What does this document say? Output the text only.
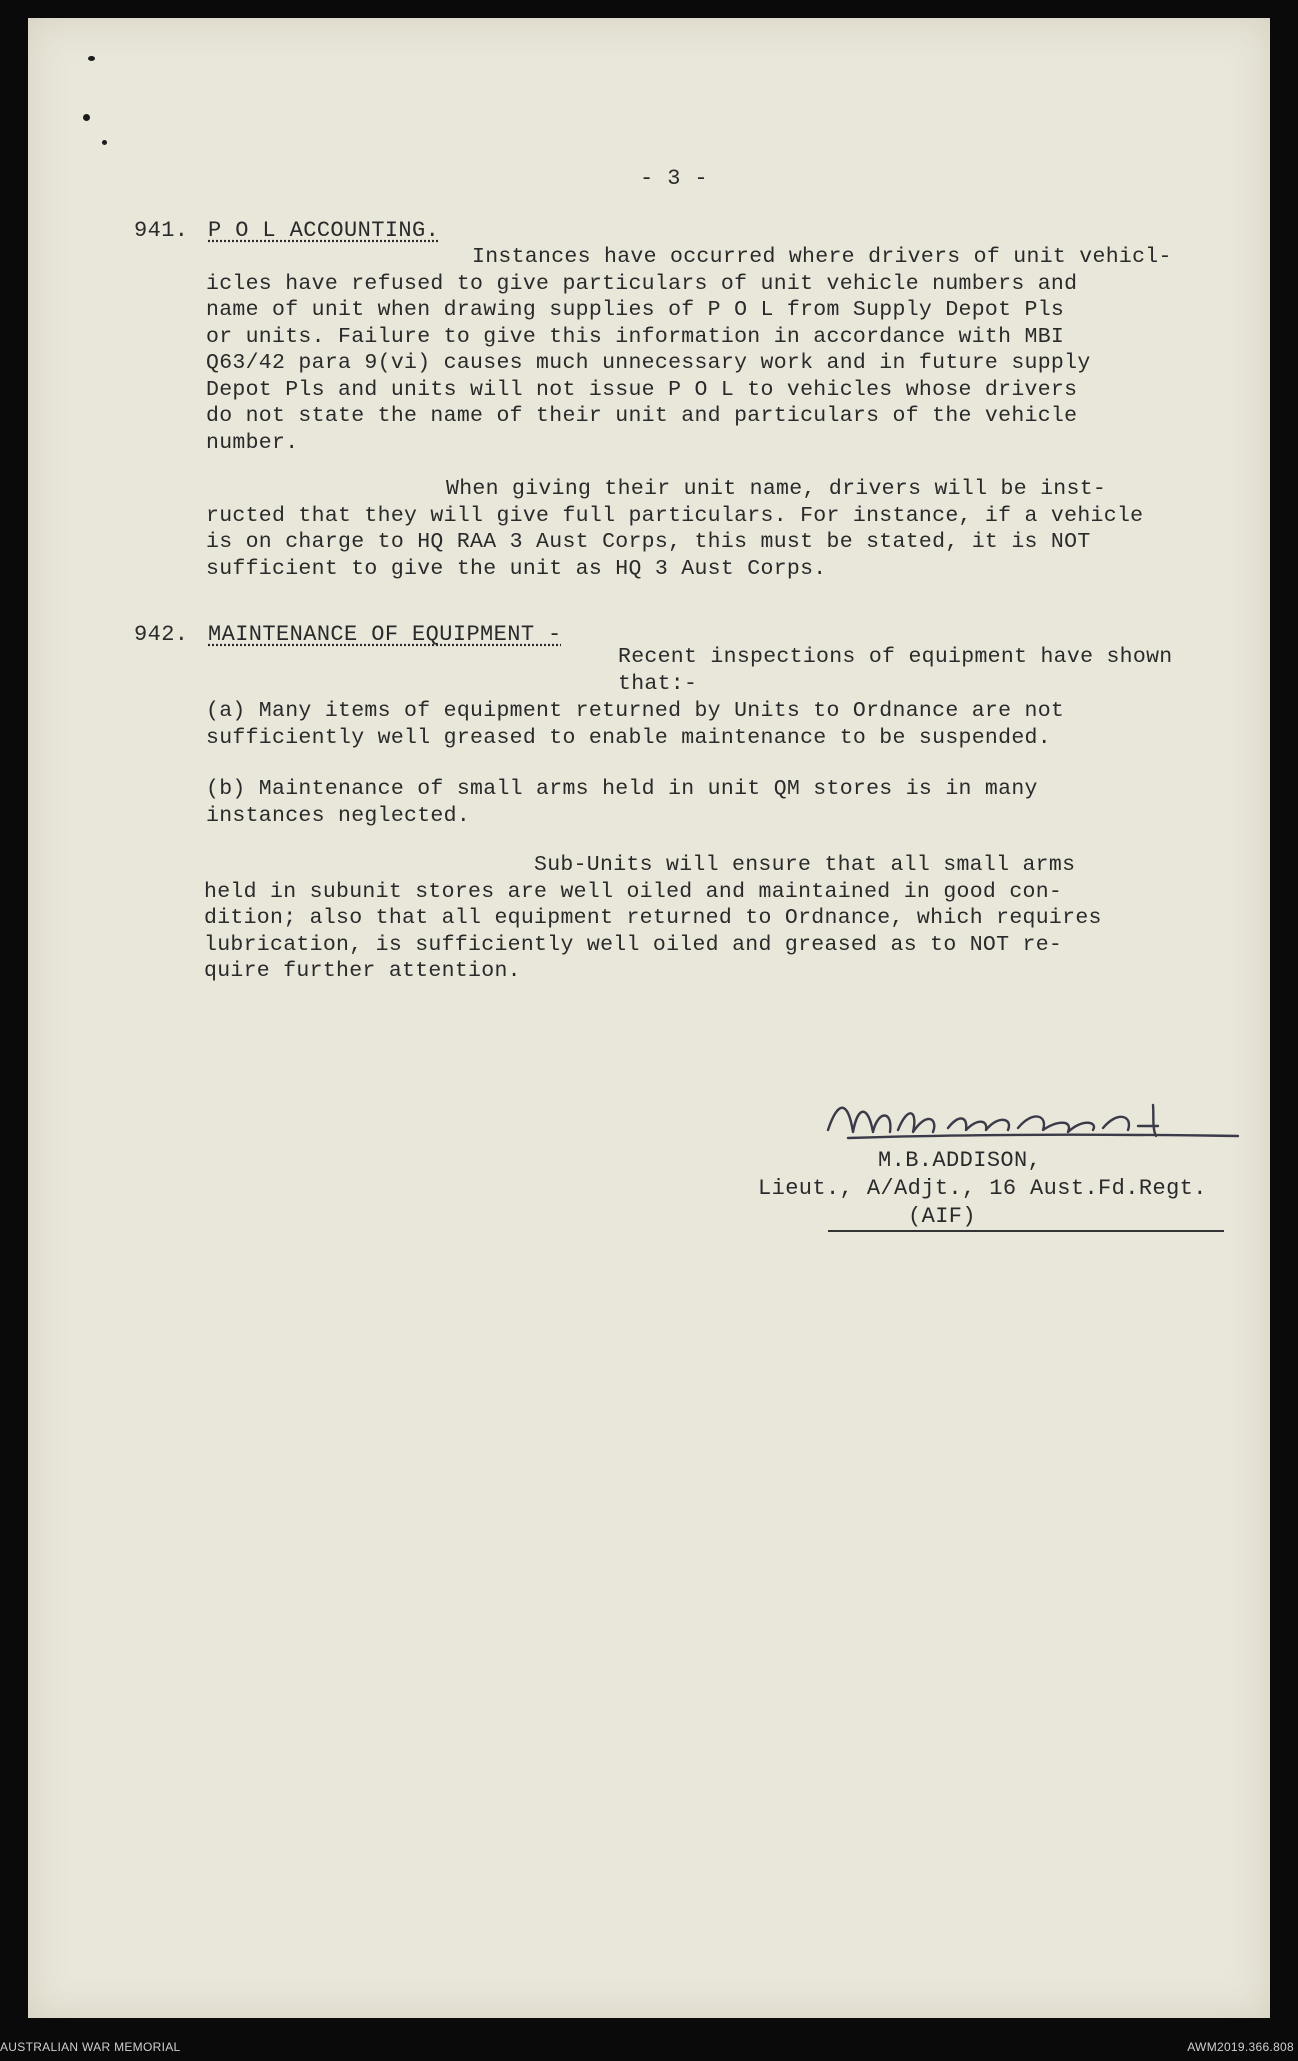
- 3 -
941. P O L ACCOUNTING.
Instances have occurred where drivers of unit vehicl-
icles have refused to give particulars of unit vehicle numbers and
name of unit when drawing supplies of P O L from Supply Depot Pls
or units. Failure to give this information in accordance with MBI
Q63/42 para 9(vi) causes much unnecessary work and in future supply
Depot Pls and units will not issue P O L to vehicles whose drivers
do not state the name of their unit and particulars of the vehicle
number.
When giving their unit name, drivers will be inst-
ructed that they will give full particulars. For instance, if a vehicle
is on charge to HQ RAA 3 Aust Corps, this must be stated, it is NOT
sufficient to give the unit as HQ 3 Aust Corps.
942. MAINTENANCE OF EQUIPMENT -
Recent inspections of equipment have shown
that:-
(a) Many items of equipment returned by Units to Ordnance are not
sufficiently well greased to enable maintenance to be suspended.
(b) Maintenance of small arms held in unit QM stores is in many
instances neglected.
Sub-Units will ensure that all small arms
held in subunit stores are well oiled and maintained in good con-
dition; also that all equipment returned to Ordnance, which requires
lubrication, is sufficiently well oiled and greased as to NOT re-
quire further attention.
M.B.ADDISON,
Lieut., A/Adjt., 16 Aust.Fd.Regt.
(AIF)
AUSTRALIAN WAR MEMORIAL	AWM2019.366.808
